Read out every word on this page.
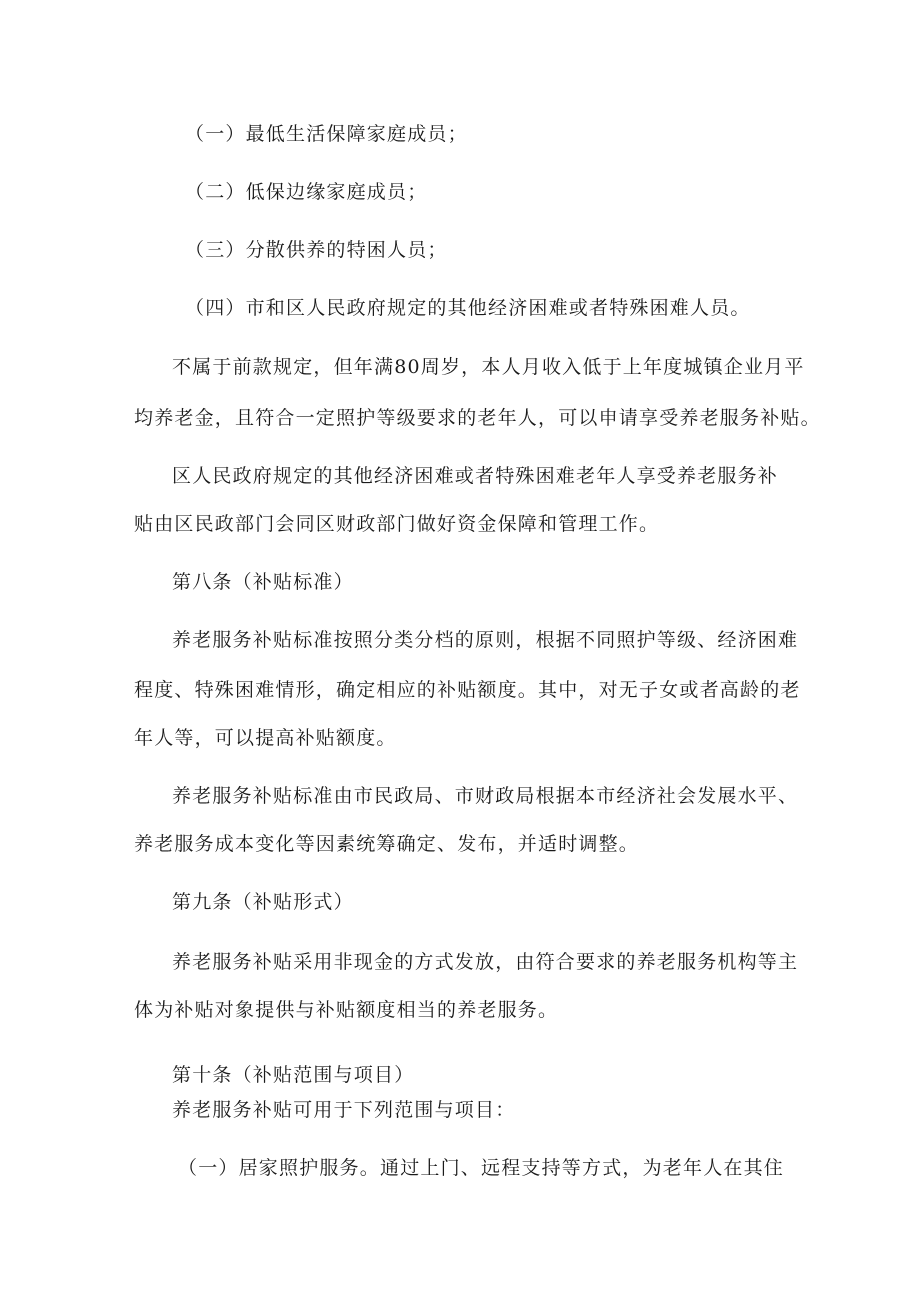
（一）最低生活保障家庭成员；
（二）低保边缘家庭成员；
（三）分散供养的特困人员；
（四）市和区人民政府规定的其他经济困难或者特殊困难人员。
不属于前款规定，但年满80周岁，本人月收入低于上年度城镇企业月平
均养老金，且符合一定照护等级要求的老年人，可以申请享受养老服务补贴。
区人民政府规定的其他经济困难或者特殊困难老年人享受养老服务补
贴由区民政部门会同区财政部门做好资金保障和管理工作。
第八条（补贴标准）
养老服务补贴标准按照分类分档的原则，根据不同照护等级、经济困难
程度、特殊困难情形，确定相应的补贴额度。其中，对无子女或者高龄的老
年人等，可以提高补贴额度。
养老服务补贴标准由市民政局、市财政局根据本市经济社会发展水平、
养老服务成本变化等因素统筹确定、发布，并适时调整。
第九条（补贴形式）
养老服务补贴采用非现金的方式发放，由符合要求的养老服务机构等主
体为补贴对象提供与补贴额度相当的养老服务。
第十条（补贴范围与项目）
养老服务补贴可用于下列范围与项目：
（一）居家照护服务。通过上门、远程支持等方式，为老年人在其住
